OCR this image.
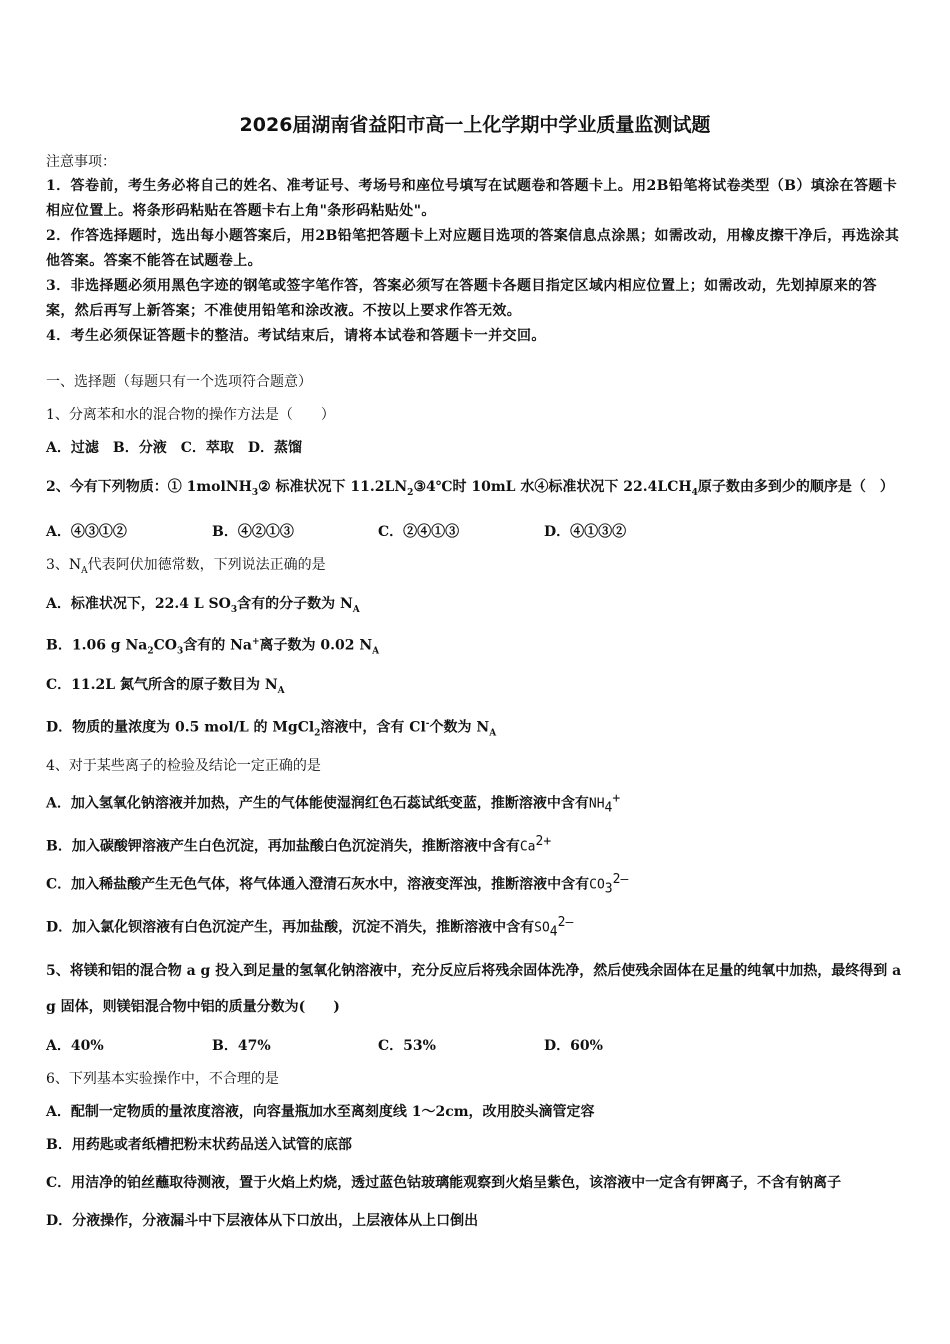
2026届湖南省益阳市高一上化学期中学业质量监测试题
注意事项：
1．答卷前，考生务必将自己的姓名、准考证号、考场号和座位号填写在试题卷和答题卡上。用2B铅笔将试卷类型（B）填涂在答题卡相应位置上。将条形码粘贴在答题卡右上角"条形码粘贴处"。
2．作答选择题时，选出每小题答案后，用2B铅笔把答题卡上对应题目选项的答案信息点涂黑；如需改动，用橡皮擦干净后，再选涂其他答案。答案不能答在试题卷上。
3．非选择题必须用黑色字迹的钢笔或签字笔作答，答案必须写在答题卡各题目指定区域内相应位置上；如需改动，先划掉原来的答案，然后再写上新答案；不准使用铅笔和涂改液。不按以上要求作答无效。
4．考生必须保证答题卡的整洁。考试结束后，请将本试卷和答题卡一并交回。
一、选择题（每题只有一个选项符合题意）
1、分离苯和水的混合物的操作方法是（　　）
A．过滤　B．分液　C．萃取　D．蒸馏
2、今有下列物质：① 1molNH$_3$② 标准状况下 $11.2LN_2③4℃$时 10mL 水④标准状况下 $22.4LCH_4$原子数由多到少的顺序是（　）
A．④③①②	B．④②①③	C．②④①③	D．④①③②
3、$N_A$代表阿伏加德常数，下列说法正确的是
A．标准状况下，22.4 L $SO_3$含有的分子数为 $N_A$
B．1.06 g $Na_2CO_3$含有的 Na+离子数为 0.02 $N_A$
C．11.2L 氮气所含的原子数目为 $N_A$
D．物质的量浓度为 0.5 mol/L 的 MgCl$_2$溶液中，含有 Cl-个数为 $N_A$
4、对于某些离子的检验及结论一定正确的是
A．加入氢氧化钠溶液并加热，产生的气体能使湿润红色石蕊试纸变蓝，推断溶液中含有$NH_4^+$
B．加入碳酸钾溶液产生白色沉淀，再加盐酸白色沉淀消失，推断溶液中含有$Ca^{2+}$
C．加入稀盐酸产生无色气体，将气体通入澄清石灰水中，溶液变浑浊，推断溶液中含有$CO_3^{2—}$
D．加入氯化钡溶液有白色沉淀产生，再加盐酸，沉淀不消失，推断溶液中含有$SO_4^{2—}$
5、将镁和铝的混合物 a g 投入到足量的氢氧化钠溶液中，充分反应后将残余固体洗净，然后使残余固体在足量的纯氧中加热，最终得到 a g 固体，则镁铝混合物中铝的质量分数为(　　)
A．40%	B．47%	C．53%	D．60%
6、下列基本实验操作中，不合理的是
A．配制一定物质的量浓度溶液，向容量瓶加水至离刻度线 1～2cm，改用胶头滴管定容
B．用药匙或者纸槽把粉末状药品送入试管的底部
C．用洁净的铂丝蘸取待测液，置于火焰上灼烧，透过蓝色钴玻璃能观察到火焰呈紫色，该溶液中一定含有钾离子，不含有钠离子
D．分液操作，分液漏斗中下层液体从下口放出，上层液体从上口倒出
